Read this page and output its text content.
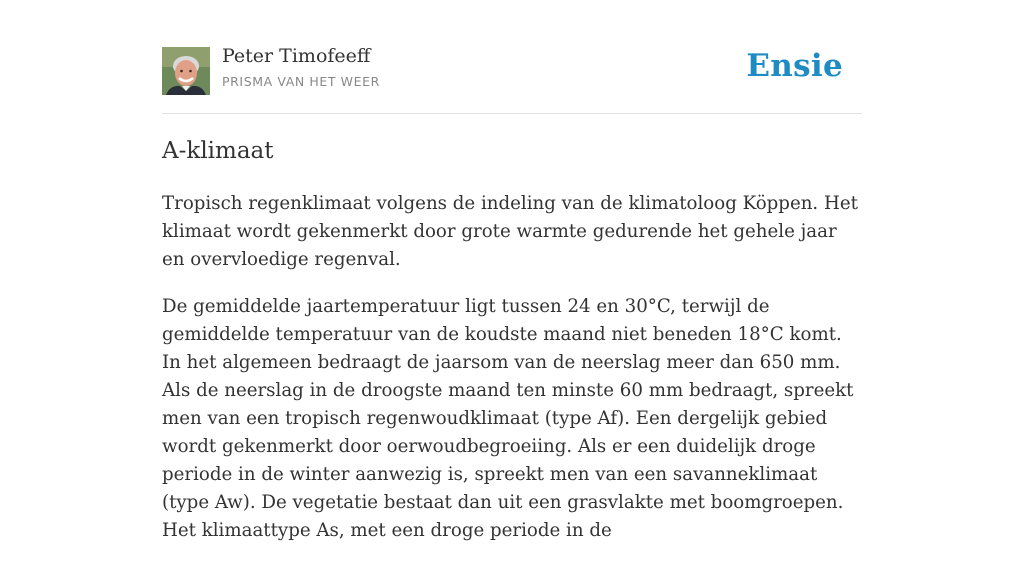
Peter Timofeeff
PRISMA VAN HET WEER	Ensie
A-klimaat

Tropisch regenklimaat volgens de indeling van de klimatoloog Köppen. Het klimaat wordt gekenmerkt door grote warmte gedurende het gehele jaar en overvloedige regenval.

De gemiddelde jaartemperatuur ligt tussen 24 en 30°C, terwijl de gemiddelde temperatuur van de koudste maand niet beneden 18°C komt. In het algemeen bedraagt de jaarsom van de neerslag meer dan 650 mm. Als de neerslag in de droogste maand ten minste 60 mm bedraagt, spreekt men van een tropisch regenwoudklimaat (type Af). Een dergelijk gebied wordt gekenmerkt door oerwoudbegroeiing. Als er een duidelijk droge periode in de winter aanwezig is, spreekt men van een savanneklimaat (type Aw). De vegetatie bestaat dan uit een grasvlakte met boomgroepen. Het klimaattype As, met een droge periode in de
